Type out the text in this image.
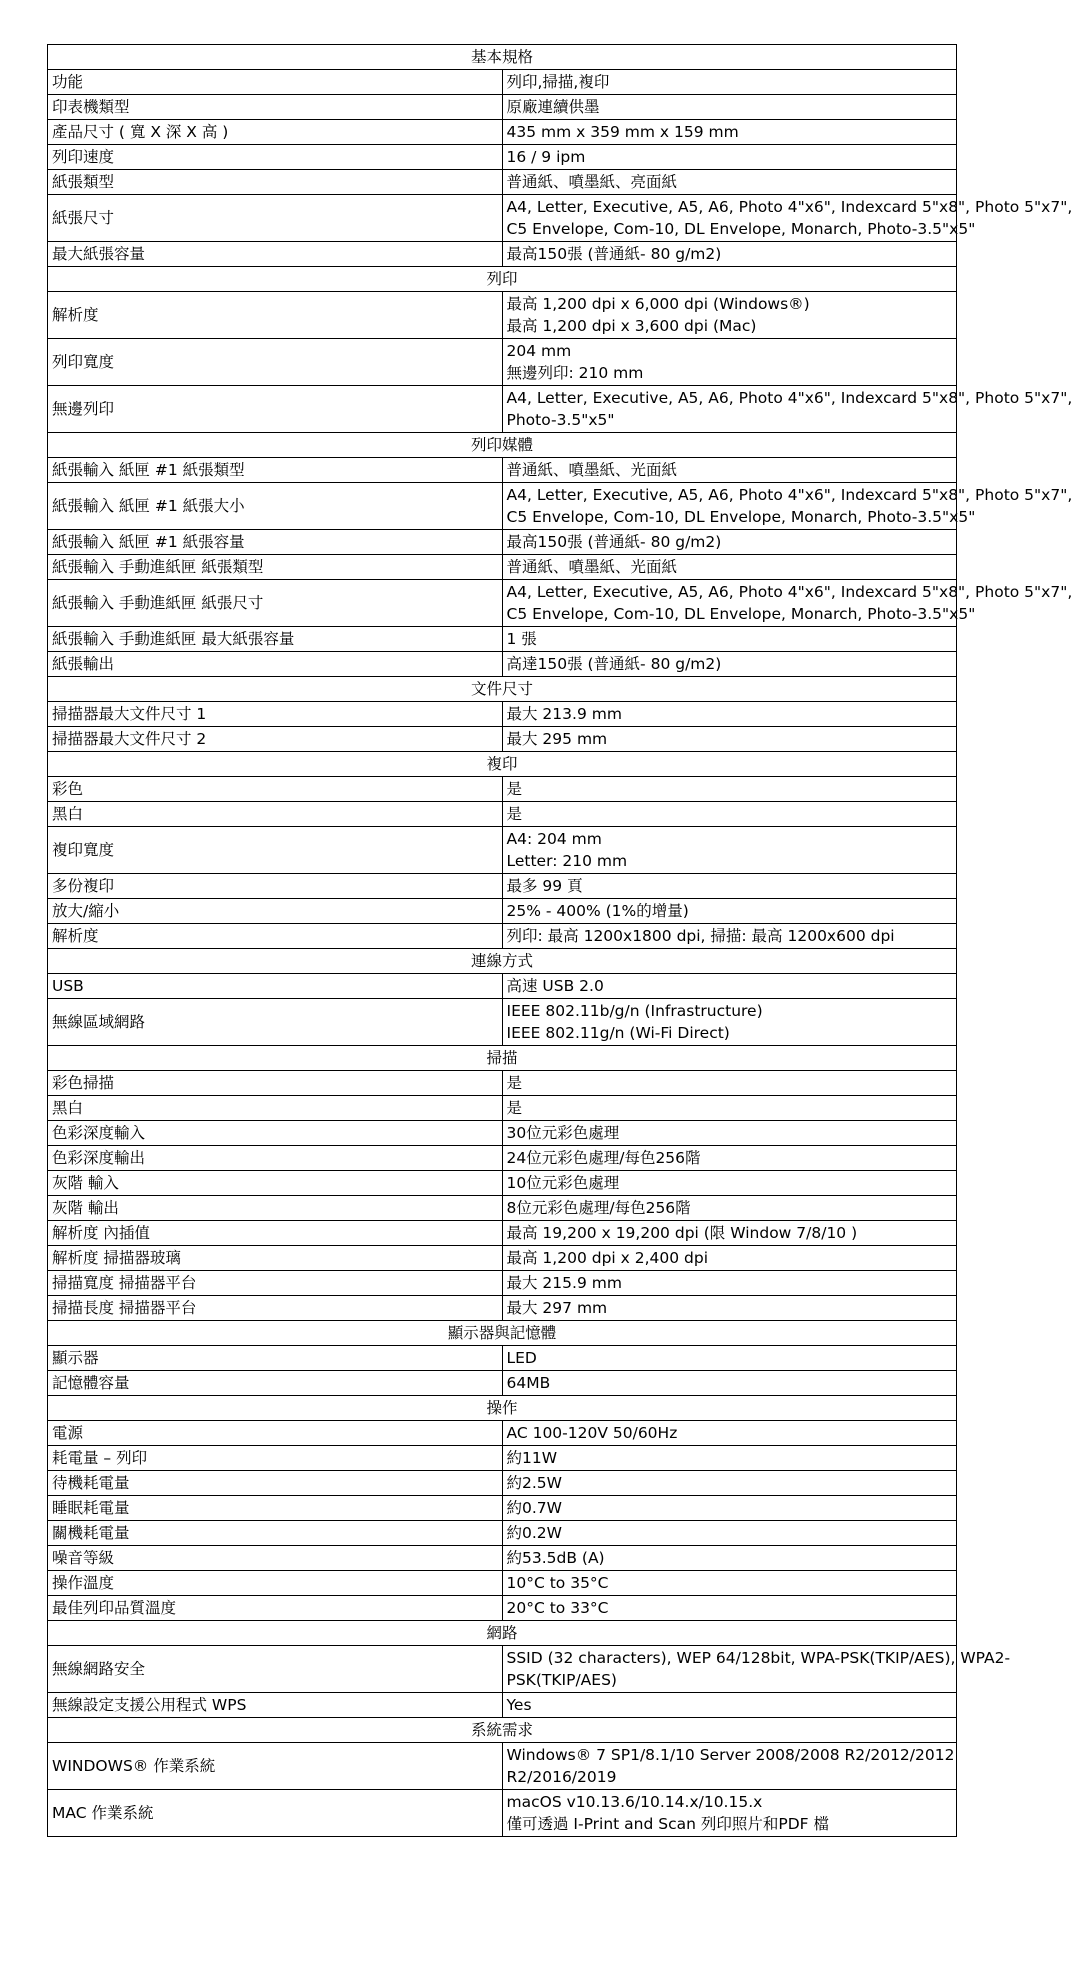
基本規格	
功能	列印,掃描,複印

印表機類型	原廠連續供墨

產品尺寸 ( 寬 X 深 X 高 )	435 mm x 359 mm x 159 mm

列印速度	16 / 9 ipm

紙張類型	普通紙、噴墨紙、亮面紙

紙張尺寸	A4, Letter, Executive, A5, A6, Photo 4"x6", Indexcard 5"x8", Photo 5"x7",
C5 Envelope, Com-10, DL Envelope, Monarch, Photo-3.5"x5"

最大紙張容量	最高150張 (普通紙- 80 g/m2)

列印	
解析度	最高 1,200 dpi x 6,000 dpi (Windows®)
最高 1,200 dpi x 3,600 dpi (Mac)

列印寬度	204 mm
無邊列印: 210 mm

無邊列印	A4, Letter, Executive, A5, A6, Photo 4"x6", Indexcard 5"x8", Photo 5"x7",
Photo-3.5"x5"

列印媒體	
紙張輸入 紙匣 #1 紙張類型	普通紙、噴墨紙、光面紙

紙張輸入 紙匣 #1 紙張大小	A4, Letter, Executive, A5, A6, Photo 4"x6", Indexcard 5"x8", Photo 5"x7",
C5 Envelope, Com-10, DL Envelope, Monarch, Photo-3.5"x5"

紙張輸入 紙匣 #1 紙張容量	最高150張 (普通紙- 80 g/m2)

紙張輸入 手動進紙匣 紙張類型	普通紙、噴墨紙、光面紙

紙張輸入 手動進紙匣 紙張尺寸	A4, Letter, Executive, A5, A6, Photo 4"x6", Indexcard 5"x8", Photo 5"x7",
C5 Envelope, Com-10, DL Envelope, Monarch, Photo-3.5"x5"

紙張輸入 手動進紙匣 最大紙張容量	1 張

紙張輸出	高達150張 (普通紙- 80 g/m2)

文件尺寸	
掃描器最大文件尺寸 1	最大 213.9 mm

掃描器最大文件尺寸 2	最大 295 mm

複印	
彩色	是

黑白	是

複印寬度	A4: 204 mm
Letter: 210 mm

多份複印	最多 99 頁

放大/縮小	25% - 400% (1%的增量)

解析度	列印: 最高 1200x1800 dpi, 掃描: 最高 1200x600 dpi

連線方式	
USB	高速 USB 2.0

無線區域網路	IEEE 802.11b/g/n (Infrastructure)
IEEE 802.11g/n (Wi-Fi Direct)

掃描	
彩色掃描	是

黑白	是

色彩深度輸入	30位元彩色處理

色彩深度輸出	24位元彩色處理/每色256階

灰階 輸入	10位元彩色處理

灰階 輸出	8位元彩色處理/每色256階

解析度 內插值	最高 19,200 x 19,200 dpi (限 Window 7/8/10 )

解析度 掃描器玻璃	最高 1,200 dpi x 2,400 dpi

掃描寬度 掃描器平台	最大 215.9 mm

掃描長度 掃描器平台	最大 297 mm

顯示器與記憶體	
顯示器	LED

記憶體容量	64MB

操作	
電源	AC 100-120V 50/60Hz

耗電量 – 列印	約11W

待機耗電量	約2.5W

睡眠耗電量	約0.7W

關機耗電量	約0.2W

噪音等級	約53.5dB (A)

操作溫度	10°C to 35°C

最佳列印品質溫度	20°C to 33°C

網路	
無線網路安全	SSID (32 characters), WEP 64/128bit, WPA-PSK(TKIP/AES), WPA2-
PSK(TKIP/AES)

無線設定支援公用程式 WPS	Yes

系統需求	
WINDOWS® 作業系統	Windows® 7 SP1/8.1/10 Server 2008/2008 R2/2012/2012
R2/2016/2019

MAC 作業系統	macOS v10.13.6/10.14.x/10.15.x
僅可透過 I-Print and Scan 列印照片和PDF 檔
